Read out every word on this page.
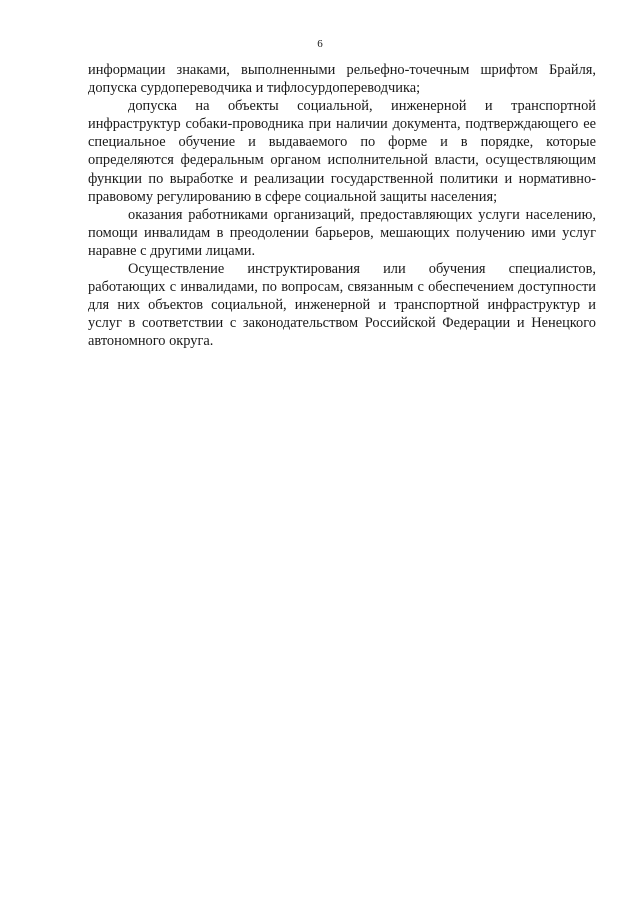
6

информации знаками, выполненными рельефно-точечным шрифтом Брайля, допуска сурдопереводчика и тифлосурдопереводчика;

допуска на объекты социальной, инженерной и транспортной инфраструктур собаки-проводника при наличии документа, подтверждающего ее специальное обучение и выдаваемого по форме и в порядке, которые определяются федеральным органом исполнительной власти, осуществляющим функции по выработке и реализации государственной политики и нормативно-правовому регулированию в сфере социальной защиты населения;

оказания работниками организаций, предоставляющих услуги населению, помощи инвалидам в преодолении барьеров, мешающих получению ими услуг наравне с другими лицами.

Осуществление инструктирования или обучения специалистов, работающих с инвалидами, по вопросам, связанным с обеспечением доступности для них объектов социальной, инженерной и транспортной инфраструктур и услуг в соответствии с законодательством Российской Федерации и Ненецкого автономного округа.
